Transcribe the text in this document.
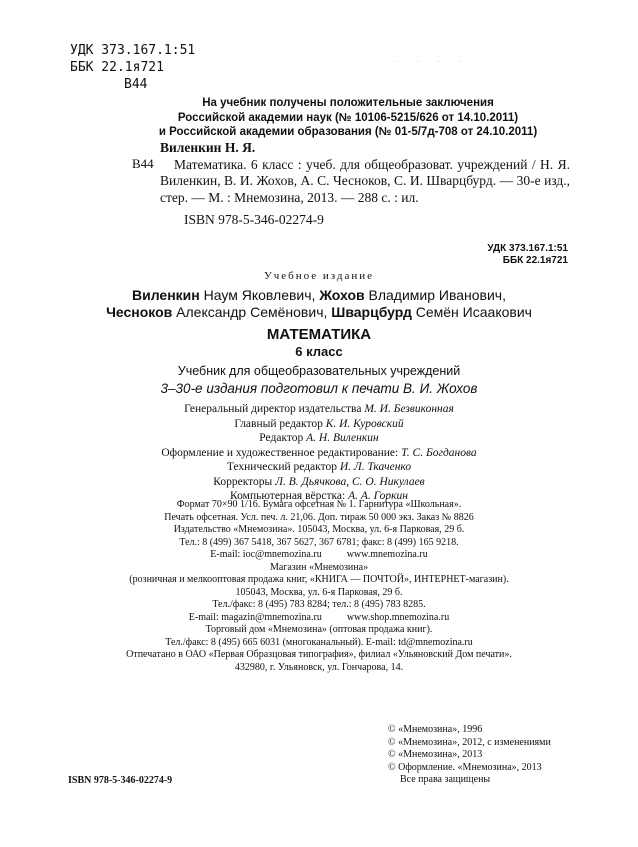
· · · ·
УДК 373.167.1:51
ББК 22.1я721
В44
На учебник получены положительные заключения
Российской академии наук (№ 10106-5215/626 от 14.10.2011)
и Российской академии образования (№ 01-5/7д-708 от 24.10.2011)
В44
Виленкин Н. Я.
Математика. 6 класс : учеб. для общеобразоват. учреждений / Н. Я. Виленкин, В. И. Жохов, А. С. Чесноков, С. И. Шварцбурд. — 30-е изд., стер. — М. : Мнемозина, 2013. — 288 с. : ил.
ISBN 978-5-346-02274-9
УДК 373.167.1:51
ББК 22.1я721
Учебное издание
Виленкин Наум Яковлевич, Жохов Владимир Иванович,
Чесноков Александр Семёнович, Шварцбурд Семён Исаакович
МАТЕМАТИКА
6 класс
Учебник для общеобразовательных учреждений
3–30-е издания подготовил к печати В. И. Жохов
Генеральный директор издательства М. И. Безвиконная
Главный редактор К. И. Куровский
Редактор А. Н. Виленкин
Оформление и художественное редактирование: Т. С. Богданова
Технический редактор И. Л. Ткаченко
Корректоры Л. В. Дьячкова, С. О. Никулаев
Компьютерная вёрстка: А. А. Горкин
Формат 70×90 1/16. Бумага офсетная № 1. Гарнитура «Школьная».
Печать офсетная. Усл. печ. л. 21,06. Доп. тираж 50 000 экз. Заказ № 8826
Издательство «Мнемозина». 105043, Москва, ул. 6-я Парковая, 29 б.
Тел.: 8 (499) 367 5418, 367 5627, 367 6781; факс: 8 (499) 165 9218.
E-mail: ioc@mnemozina.ru          www.mnemozina.ru
Магазин «Мнемозина»
(розничная и мелкооптовая продажа книг, «КНИГА — ПОЧТОЙ», ИНТЕРНЕТ-магазин).
105043, Москва, ул. 6-я Парковая, 29 б.
Тел./факс: 8 (495) 783 8284; тел.: 8 (495) 783 8285.
E-mail: magazin@mnemozina.ru          www.shop.mnemozina.ru
Торговый дом «Мнемозина» (оптовая продажа книг).
Тел./факс: 8 (495) 665 6031 (многоканальный). E-mail: td@mnemozina.ru
Отпечатано в ОАО «Первая Образцовая типография», филиал «Ульяновский Дом печати».
432980, г. Ульяновск, ул. Гончарова, 14.
© «Мнемозина», 1996
© «Мнемозина», 2012, с изменениями
© «Мнемозина», 2013
© Оформление. «Мнемозина», 2013
Все права защищены
ISBN 978-5-346-02274-9
